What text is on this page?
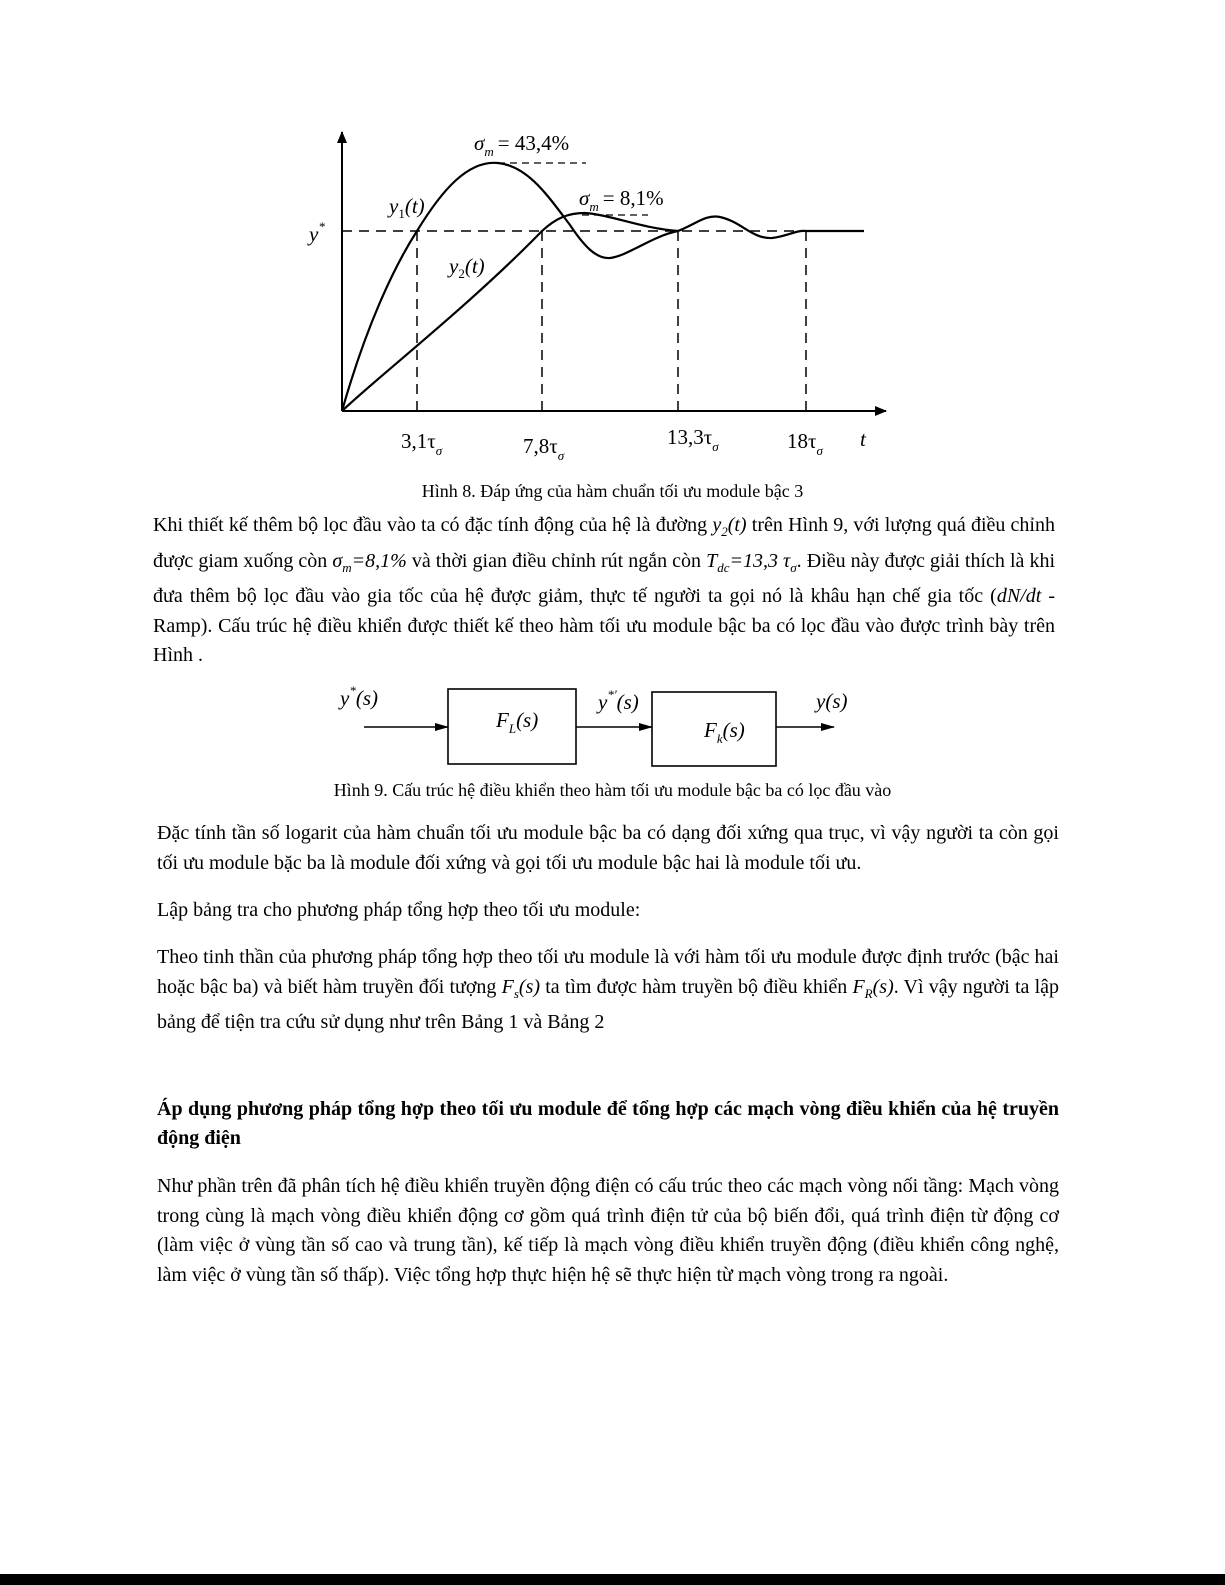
y*
$\sigma_m = 43,4\%$
$\sigma_m = 8,1\%$
$y_1(t)$
$y_2(t)$
$3,1\tau_\sigma$	$7,8\tau_\sigma$
$13,3\tau_\sigma$	$18\tau_\sigma$ t
Hình 8. Đáp ứng của hàm chuẩn tối ưu module bậc 3

Khi thiết kế thêm bộ lọc đầu vào ta có đặc tính động của hệ là đường $y_2(t)$ trên Hình 9, với lượng quá điều chỉnh được giam xuống còn $\sigma_m=8,1\%$ và thời gian điều chỉnh rút ngắn còn $T_{dc}=13,3$ $\tau_\sigma$. Điều này được giải thích là khi đưa thêm bộ lọc đầu vào gia tốc của hệ được giảm, thực tế người ta gọi nó là khâu hạn chế gia tốc (dN/dt - Ramp). Cấu trúc hệ điều khiển được thiết kế theo hàm tối ưu module bậc ba có lọc đầu vào được trình bày trên Hình .

y*(s)
$F_L(s)$
y*'(s)
$F_k(s)$
y(s)
Hình 9. Cấu trúc hệ điều khiển theo hàm tối ưu module bậc ba có lọc đầu vào

Đặc tính tần số logarit của hàm chuẩn tối ưu module bậc ba có dạng đối xứng qua trục, vì vậy người ta còn gọi tối ưu module bặc ba là module đối xứng và gọi tối ưu module bậc hai là module tối ưu.

Lập bảng tra cho phương pháp tổng hợp theo tối ưu module:

Theo tinh thần của phương pháp tổng hợp theo tối ưu module là với hàm tối ưu module được định trước (bậc hai hoặc bậc ba) và biết hàm truyền đối tượng $F_s(s)$ ta tìm được hàm truyền bộ điều khiển $F_R(s)$. Vì vậy người ta lập bảng để tiện tra cứu sử dụng như trên Bảng 1 và Bảng 2

Áp dụng phương pháp tổng hợp theo tối ưu module để tổng hợp các mạch vòng điều khiển của hệ truyền động điện

Như phần trên đã phân tích hệ điều khiển truyền động điện có cấu trúc theo các mạch vòng nối tầng: Mạch vòng trong cùng là mạch vòng điều khiển động cơ gồm quá trình điện tử của bộ biến đổi, quá trình điện từ động cơ (làm việc ở vùng tần số cao và trung tần), kế tiếp là mạch vòng điều khiển truyền động (điều khiển công nghệ, làm việc ở vùng tần số thấp). Việc tổng hợp thực hiện hệ sẽ thực hiện từ mạch vòng trong ra ngoài.
